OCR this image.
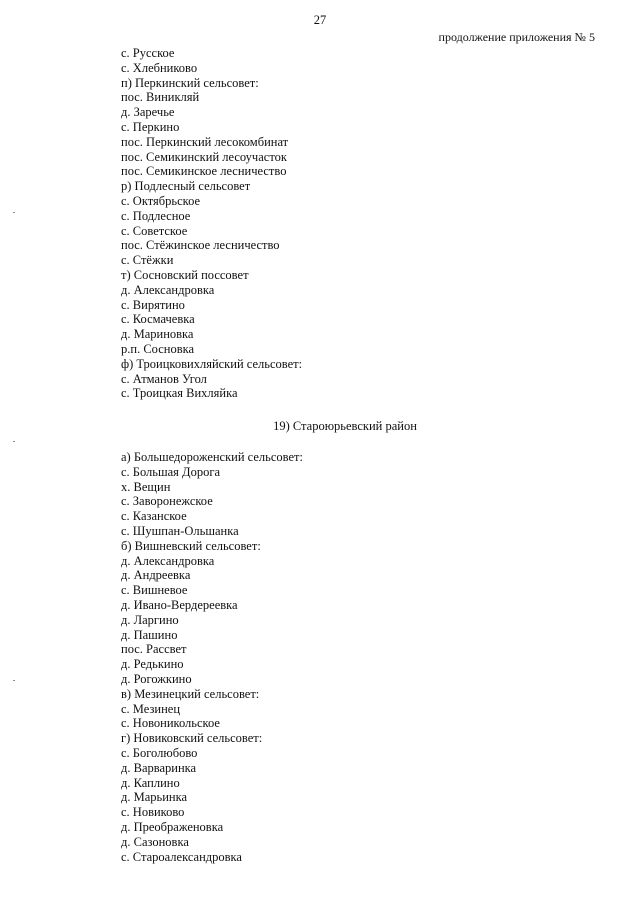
27
продолжение приложения № 5
с. Русское
с. Хлебниково
п) Перкинский сельсовет:
пос. Виникляй
д. Заречье
с. Перкино
пос. Перкинский лесокомбинат
пос. Семикинский лесоучасток
пос. Семикинское лесничество
р) Подлесный сельсовет
с. Октябрьское
с. Подлесное
с. Советское
пос. Стёжинское лесничество
с. Стёжки
т) Сосновский поссовет
д. Александровка
с. Вирятино
с. Космачевка
д. Мариновка
р.п. Сосновка
ф) Троицковихляйский сельсовет:
с. Атманов Угол
с. Троицкая Вихляйка
19) Староюрьевский район
а) Большедороженский сельсовет:
с. Большая Дорога
х. Вещин
с. Заворонежское
с. Казанское
с. Шушпан-Ольшанка
б) Вишневский сельсовет:
д. Александровка
д. Андреевка
с. Вишневое
д. Ивано-Вердереевка
д. Ларгино
д. Пашино
пос. Рассвет
д. Редькино
д. Рогожкино
в) Мезинецкий сельсовет:
с. Мезинец
с. Новоникольское
г) Новиковский сельсовет:
с. Боголюбово
д. Варваринка
д. Каплино
д. Марьинка
с. Новиково
д. Преображеновка
д. Сазоновка
с. Староалександровка
